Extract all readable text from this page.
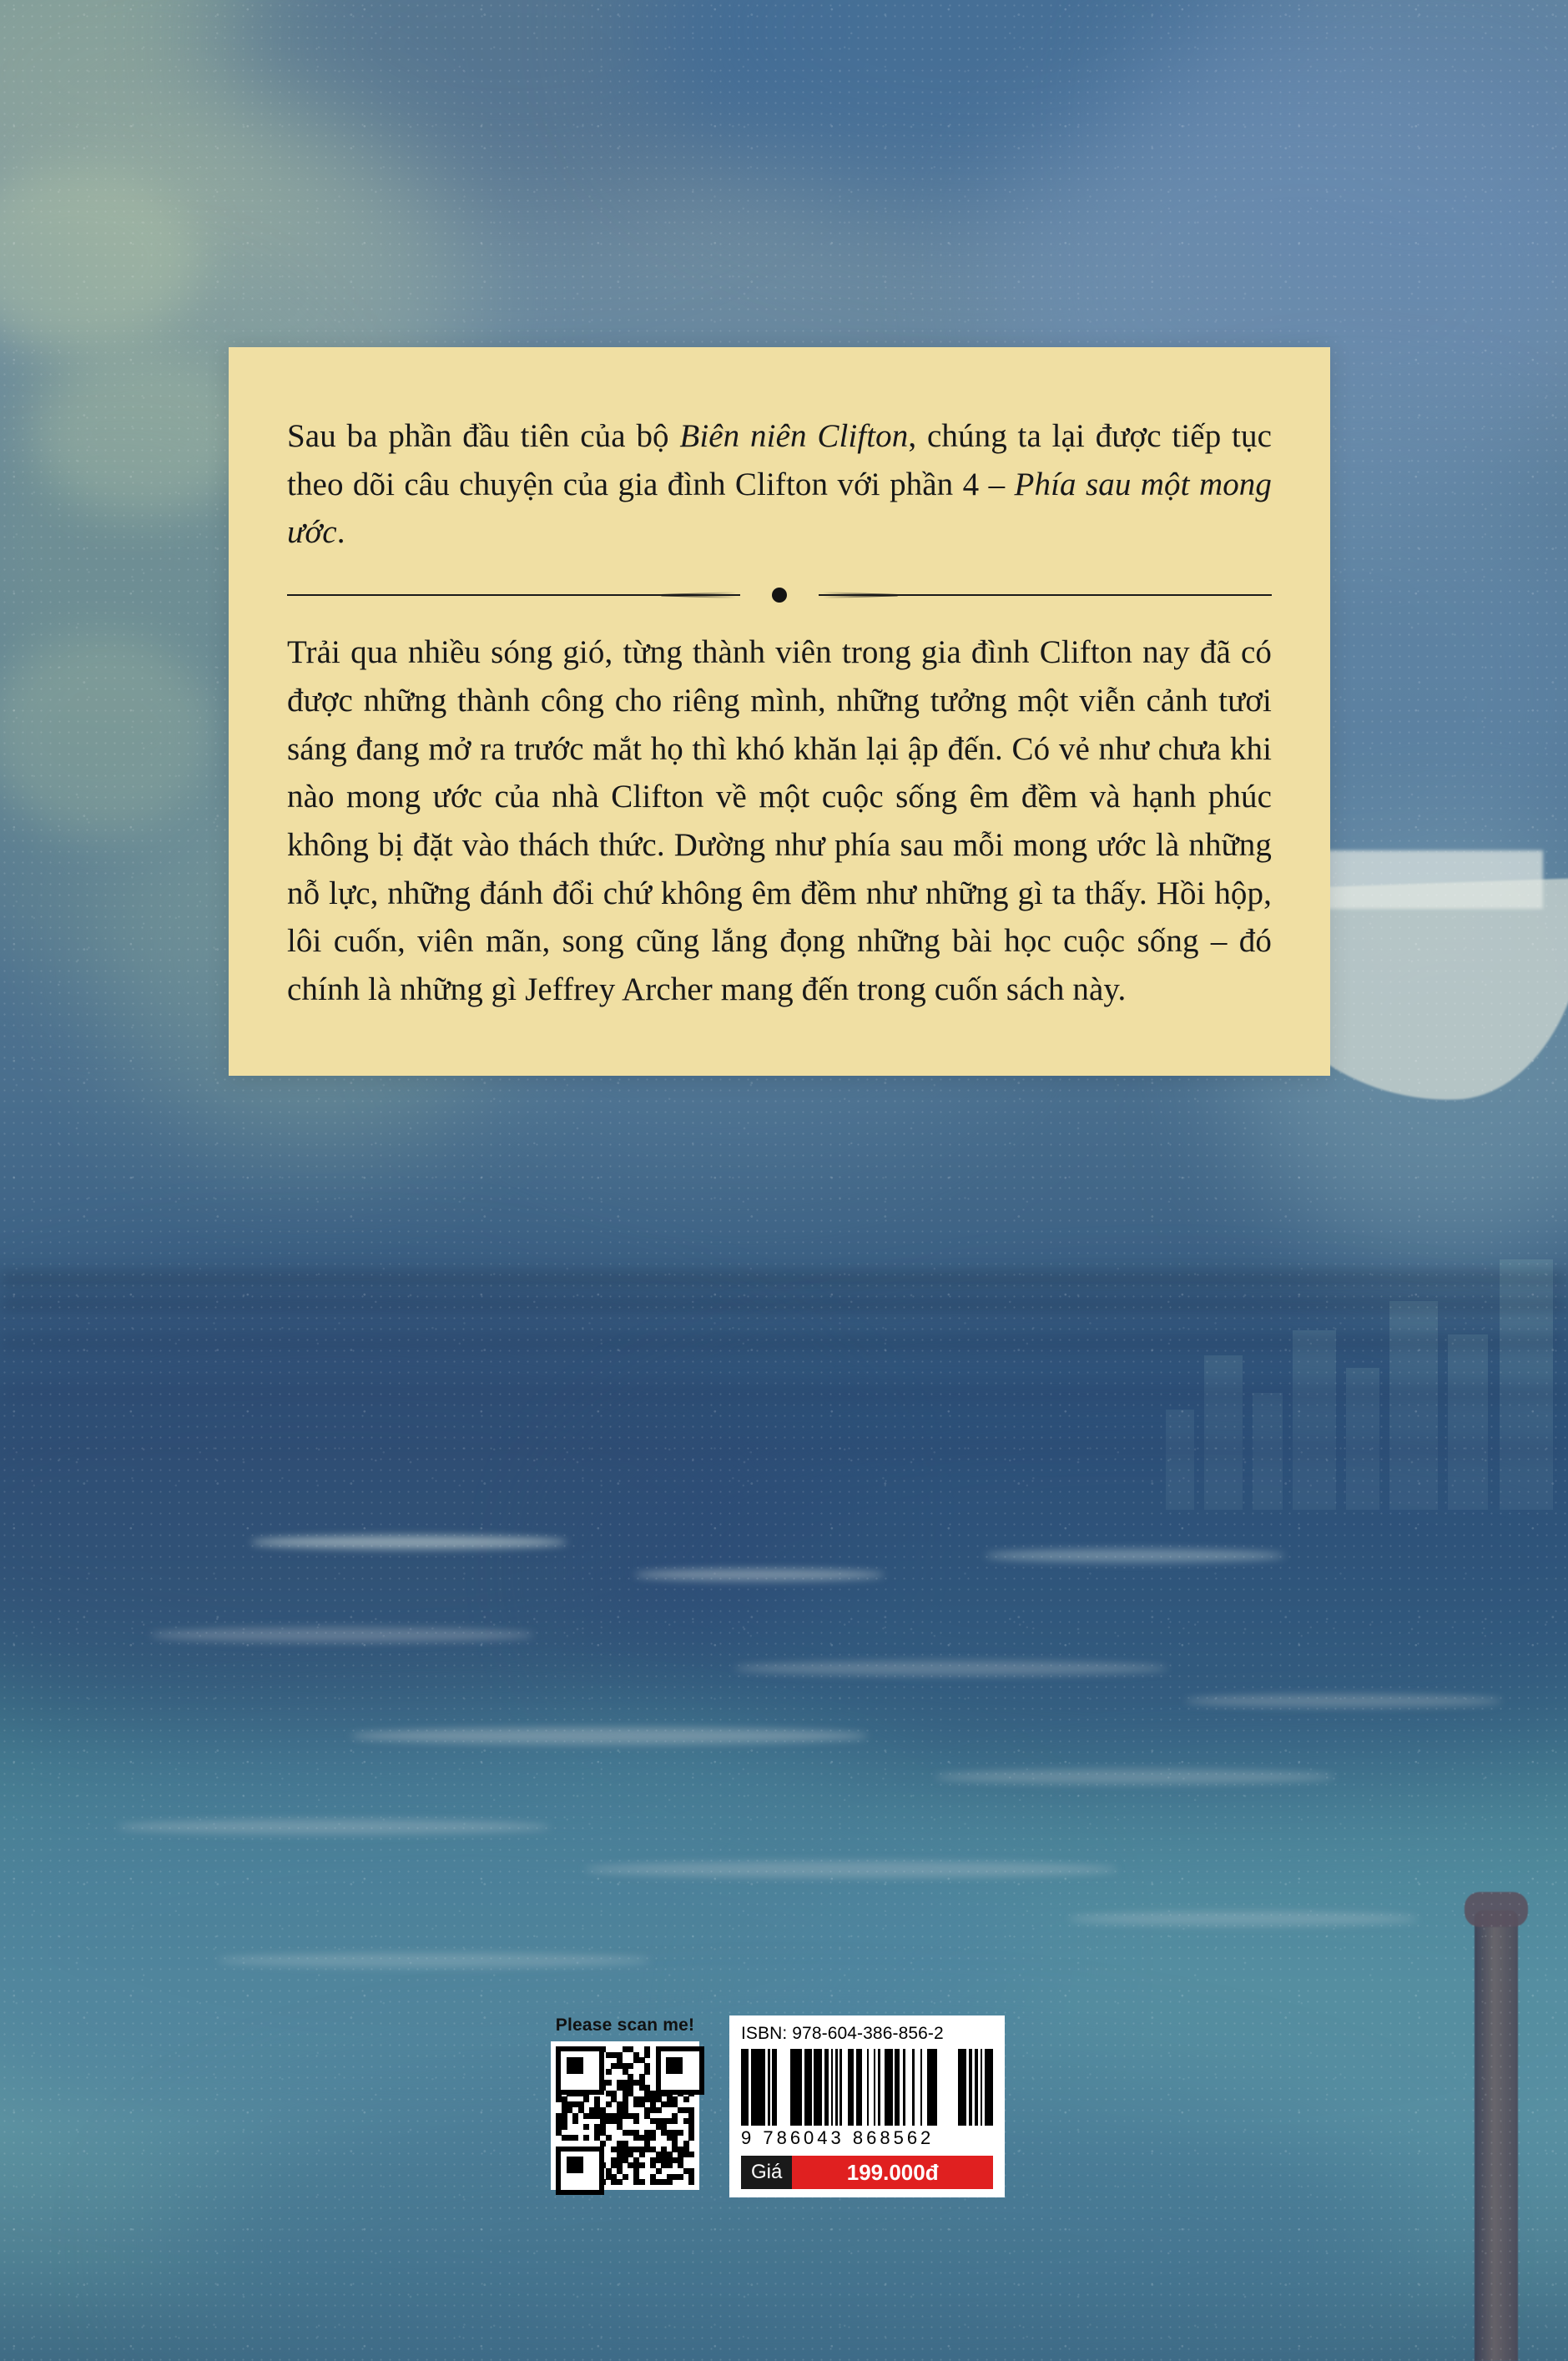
Sau ba phần đầu tiên của bộ Biên niên Clifton, chúng ta lại được tiếp tục theo dõi câu chuyện của gia đình Clifton với phần 4 – Phía sau một mong ước.

Trải qua nhiều sóng gió, từng thành viên trong gia đình Clifton nay đã có được những thành công cho riêng mình, những tưởng một viễn cảnh tươi sáng đang mở ra trước mắt họ thì khó khăn lại ập đến. Có vẻ như chưa khi nào mong ước của nhà Clifton về một cuộc sống êm đềm và hạnh phúc không bị đặt vào thách thức. Dường như phía sau mỗi mong ước là những nỗ lực, những đánh đổi chứ không êm đềm như những gì ta thấy. Hồi hộp, lôi cuốn, viên mãn, song cũng lắng đọng những bài học cuộc sống – đó chính là những gì Jeffrey Archer mang đến trong cuốn sách này.

Please scan me!	ISBN: 978-604-386-856-2
9 786043 868562
Giá	199.000đ
